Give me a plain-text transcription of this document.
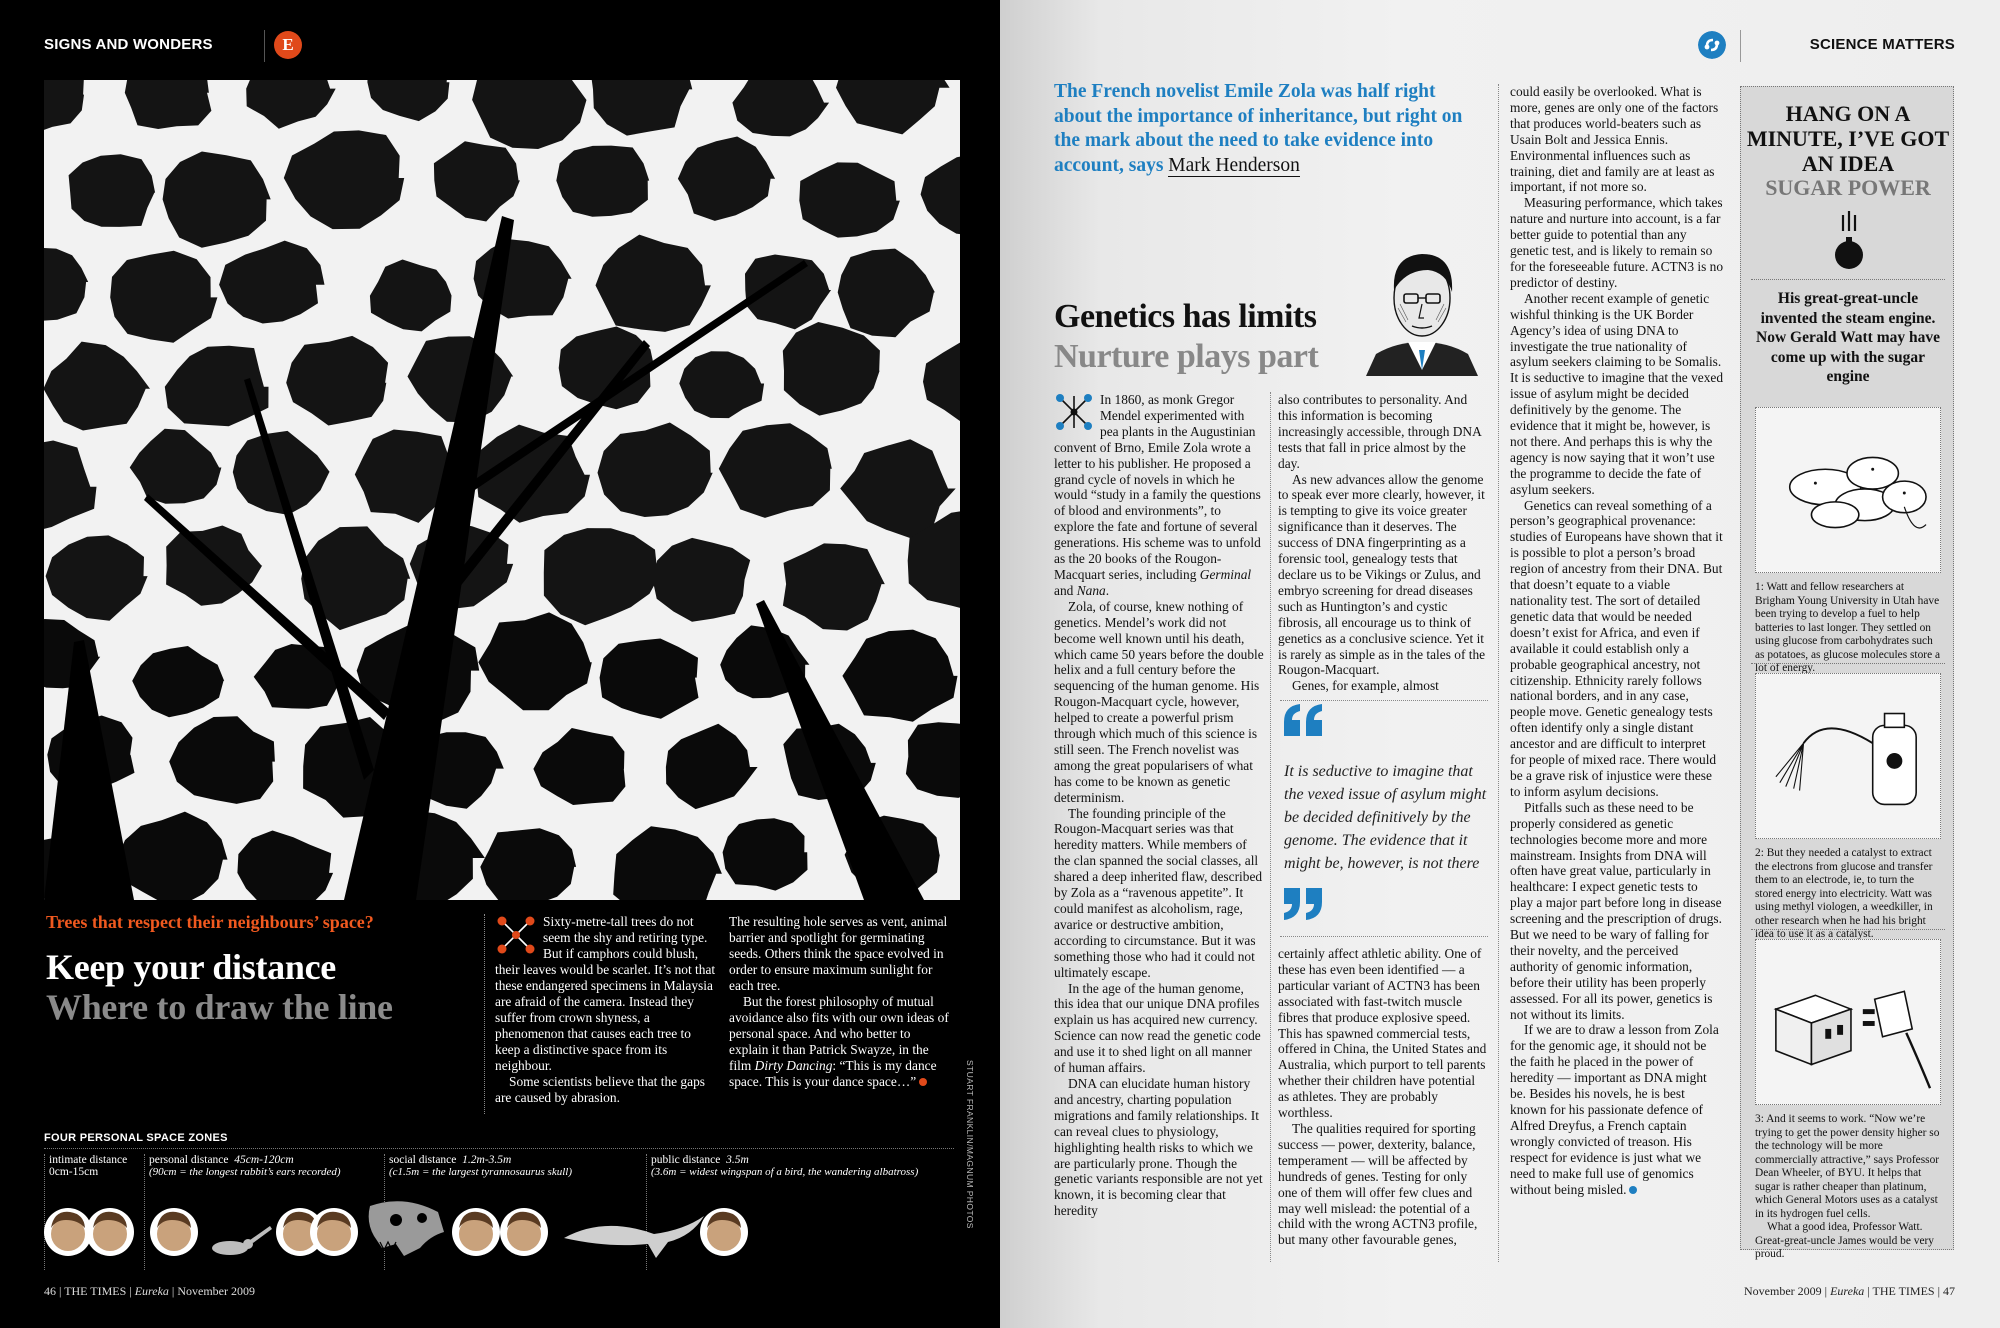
SIGNS AND WONDERS	E
Trees that respect their neighbours’ space?
Keep your distance
Where to draw the line

Sixty-metre-tall trees do not seem the shy and retiring type. But if camphors could blush, their leaves would be scarlet. It’s not that these endangered specimens in Malaysia are afraid of the camera. Instead they suffer from crown shyness, a phenomenon that causes each tree to keep a distinctive space from its neighbour.

Some scientists believe that the gaps are caused by abrasion.

The resulting hole serves as vent, animal barrier and spotlight for germinating seeds. Others think the space evolved in order to ensure maximum sunlight for each tree.

But the forest philosophy of mutual avoidance also fits with our own ideas of personal space. And who better to explain it than Patrick Swayze, in the film Dirty Dancing: “This is my dance space. This is your dance space…”	STUART FRANKLIN/MAGNUM PHOTOS
FOUR PERSONAL SPACE ZONES
intimate distance
0cm-15cm
personal distance 45cm-120cm
(90cm = the longest rabbit’s ears recorded)
social distance 1.2m-3.5m
(c1.5m = the largest tyrannosaurus skull)
public distance 3.5m
(3.6m = widest wingspan of a bird, the wandering albatross)
46 | THE TIMES | Eureka | November 2009
SCIENCE MATTERS
The French novelist Emile Zola was half right about the importance of inheritance, but right on the mark about the need to take evidence into account, says Mark Henderson
Genetics has limits
Nurture plays part

In 1860, as monk Gregor Mendel experimented with pea plants in the Augustinian convent of Brno, Emile Zola wrote a letter to his publisher. He proposed a grand cycle of novels in which he would “study in a family the questions of blood and environments”, to explore the fate and fortune of several generations. His scheme was to unfold as the 20 books of the Rougon-Macquart series, including Germinal and Nana.

Zola, of course, knew nothing of genetics. Mendel’s work did not become well known until his death, which came 50 years before the double helix and a full century before the sequencing of the human genome. His Rougon-Macquart cycle, however, helped to create a powerful prism through which much of this science is still seen. The French novelist was among the great popularisers of what has come to be known as genetic determinism.

The founding principle of the Rougon-Macquart series was that heredity matters. While members of the clan spanned the social classes, all shared a deep inherited flaw, described by Zola as a “ravenous appetite”. It could manifest as alcoholism, rage, avarice or destructive ambition, according to circumstance. But it was something those who had it could not ultimately escape.

In the age of the human genome, this idea that our unique DNA profiles explain us has acquired new currency. Science can now read the genetic code and use it to shed light on all manner of human affairs.

DNA can elucidate human history and ancestry, charting population migrations and family relationships. It can reveal clues to physiology, highlighting health risks to which we are particularly prone. Though the genetic variants responsible are not yet known, it is becoming clear that heredity

also contributes to personality. And this information is becoming increasingly accessible, through DNA tests that fall in price almost by the day.

As new advances allow the genome to speak ever more clearly, however, it is tempting to give its voice greater significance than it deserves. The success of DNA fingerprinting as a forensic tool, genealogy tests that declare us to be Vikings or Zulus, and embryo screening for dread diseases such as Huntington’s and cystic fibrosis, all encourage us to think of genetics as a conclusive science. Yet it is rarely as simple as in the tales of the Rougon-Macquart.

Genes, for example, almost

It is seductive to imagine that the vexed issue of asylum might be decided definitively by the genome. The evidence that it might be, however, is not there

certainly affect athletic ability. One of these has even been identified — a particular variant of ACTN3 has been associated with fast-twitch muscle fibres that produce explosive speed. This has spawned commercial tests, offered in China, the United States and Australia, which purport to tell parents whether their children have potential as athletes. They are probably worthless.

The qualities required for sporting success — power, dexterity, balance, temperament — will be affected by hundreds of genes. Testing for only one of them will offer few clues and may well mislead: the potential of a child with the wrong ACTN3 profile, but many other favourable genes,

could easily be overlooked. What is more, genes are only one of the factors that produces world-beaters such as Usain Bolt and Jessica Ennis. Environmental influences such as training, diet and family are at least as important, if not more so.

Measuring performance, which takes nature and nurture into account, is a far better guide to potential than any genetic test, and is likely to remain so for the foreseeable future. ACTN3 is no predictor of destiny.

Another recent example of genetic wishful thinking is the UK Border Agency’s idea of using DNA to investigate the true nationality of asylum seekers claiming to be Somalis. It is seductive to imagine that the vexed issue of asylum might be decided definitively by the genome. The evidence that it might be, however, is not there. And perhaps this is why the agency is now saying that it won’t use the programme to decide the fate of asylum seekers.

Genetics can reveal something of a person’s geographical provenance: studies of Europeans have shown that it is possible to plot a person’s broad region of ancestry from their DNA. But that doesn’t equate to a viable nationality test. The sort of detailed genetic data that would be needed doesn’t exist for Africa, and even if available it could establish only a probable geographical ancestry, not citizenship. Ethnicity rarely follows national borders, and in any case, people move. Genetic genealogy tests often identify only a single distant ancestor and are difficult to interpret for people of mixed race. There would be a grave risk of injustice were these to inform asylum decisions.

Pitfalls such as these need to be properly considered as genetic technologies become more and more mainstream. Insights from DNA will often have great value, particularly in healthcare: I expect genetic tests to play a major part before long in disease screening and the prescription of drugs. But we need to be wary of falling for their novelty, and the perceived authority of genomic information, before their utility has been properly assessed. For all its power, genetics is not without its limits.

If we are to draw a lesson from Zola for the genomic age, it should not be the faith he placed in the power of heredity — important as DNA might be. Besides his novels, he is best known for his passionate defence of Alfred Dreyfus, a French captain wrongly convicted of treason. His respect for evidence is just what we need to make full use of genomics without being misled.

HANG ON A MINUTE, I’VE GOT AN IDEA
SUGAR POWER
His great-great-uncle invented the steam engine. Now Gerald Watt may have come up with the sugar engine
1: Watt and fellow researchers at Brigham Young University in Utah have been trying to develop a fuel to help batteries to last longer. They settled on using glucose from carbohydrates such as potatoes, as glucose molecules store a lot of energy.
2: But they needed a catalyst to extract the electrons from glucose and transfer them to an electrode, ie, to turn the stored energy into electricity. Watt was using methyl viologen, a weedkiller, in other research when he had his bright idea to use it as a catalyst.

3: And it seems to work. “Now we’re trying to get the power density higher so the technology will be more commercially attractive,” says Professor Dean Wheeler, of BYU. It helps that sugar is rather cheaper than platinum, which General Motors uses as a catalyst in its hydrogen fuel cells.

What a good idea, Professor Watt. Great-great-uncle James would be very proud.

November 2009 | Eureka | THE TIMES | 47
